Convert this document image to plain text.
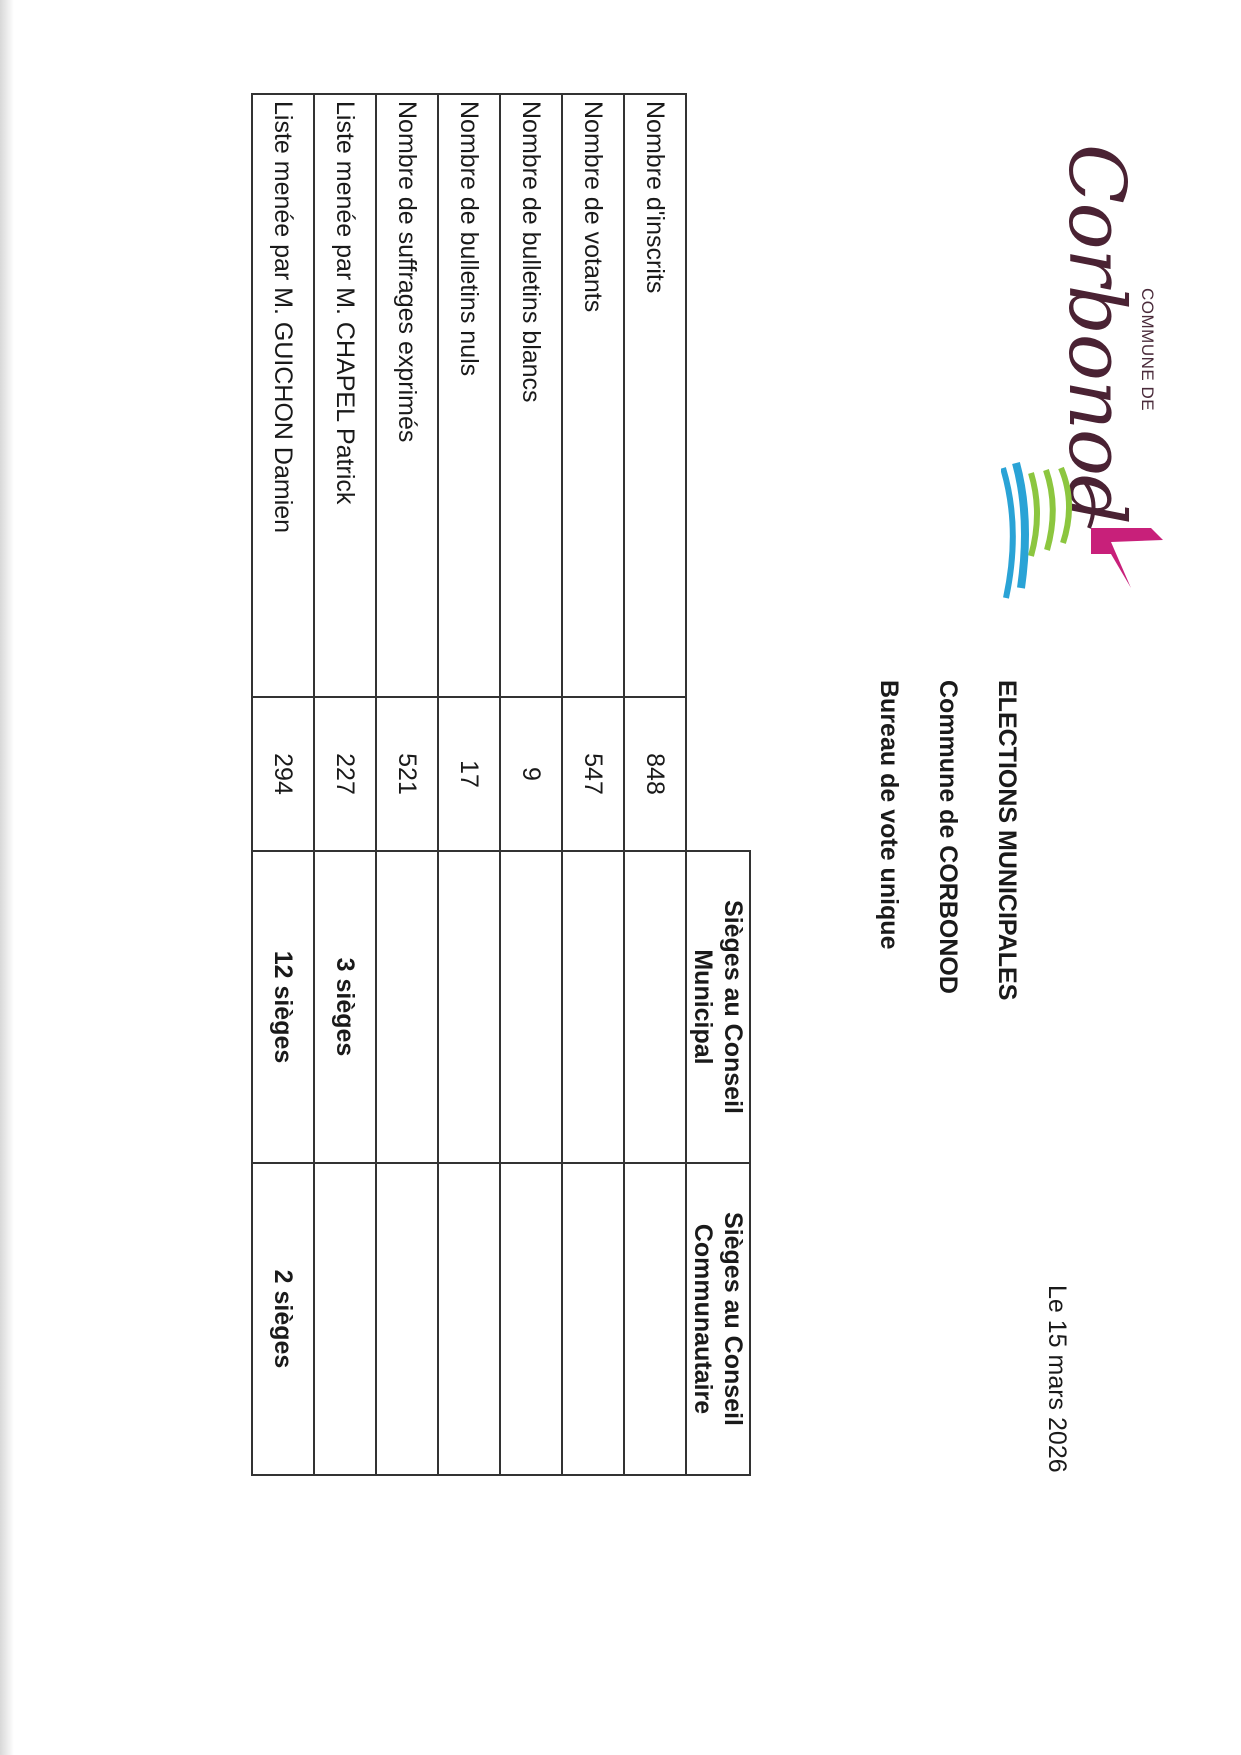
COMMUNE DE
Corbonod
ELECTIONS MUNICIPALES
Commune de CORBONOD
Bureau de vote unique
Le 15 mars 2026
		Sièges au Conseil Municipal	Sièges au Conseil Communautaire
Nombre d'inscrits	848		
Nombre de votants	547		
Nombre de bulletins blancs	9		
Nombre de bulletins nuls	17		
Nombre de suffrages exprimés	521		
Liste menée par M. CHAPEL Patrick	227	3 sièges	
Liste menée par M. GUICHON Damien	294	12 sièges	2 sièges
